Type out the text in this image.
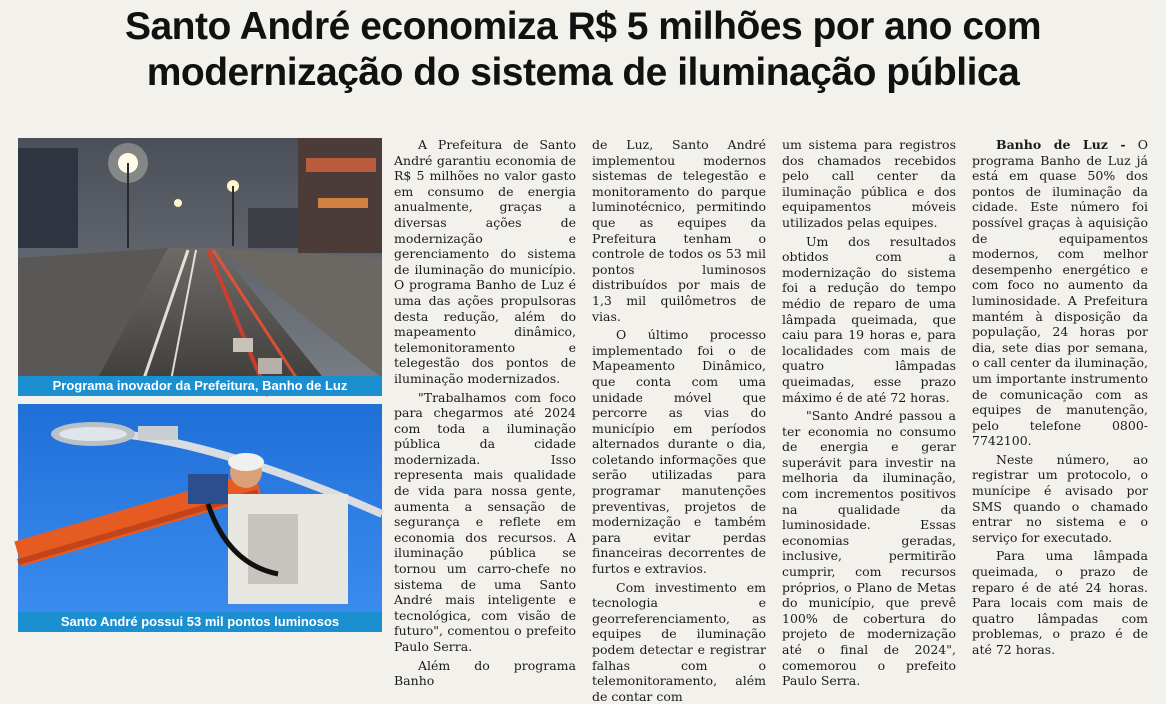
Santo André economiza R$ 5 milhões por ano com
modernização do sistema de iluminação pública
Programa inovador da Prefeitura, Banho de Luz
Santo André possui 53 mil pontos luminosos

A Prefeitura de Santo André garantiu economia de R$ 5 milhões no valor gasto em consumo de energia anualmente, graças a diversas ações de modernização e gerenciamento do sistema de iluminação do município. O programa Banho de Luz é uma das ações propulsoras desta redução, além do mapeamento dinâmico, telemonitoramento e telegestão dos pontos de iluminação modernizados.

"Trabalhamos com foco para chegarmos até 2024 com toda a iluminação pública da cidade modernizada. Isso representa mais qualidade de vida para nossa gente, aumenta a sensação de segurança e reflete em economia dos recursos. A iluminação pública se tornou um carro-chefe no sistema de uma Santo André mais inteligente e tecnológica, com visão de futuro", comentou o prefeito Paulo Serra.

Além do programa Banho

de Luz, Santo André implementou modernos sistemas de telegestão e monitoramento do parque luminotécnico, permitindo que as equipes da Prefeitura tenham o controle de todos os 53 mil pontos luminosos distribuídos por mais de 1,3 mil quilômetros de vias.

O último processo implementado foi o de Mapeamento Dinâmico, que conta com uma unidade móvel que percorre as vias do município em períodos alternados durante o dia, coletando informações que serão utilizadas para programar manutenções preventivas, projetos de modernização e também para evitar perdas financeiras decorrentes de furtos e extravios.

Com investimento em tecnologia e georreferenciamento, as equipes de iluminação podem detectar e registrar falhas com o telemonitoramento, além de contar com

um sistema para registros dos chamados recebidos pelo call center da iluminação pública e dos equipamentos móveis utilizados pelas equipes.

Um dos resultados obtidos com a modernização do sistema foi a redução do tempo médio de reparo de uma lâmpada queimada, que caiu para 19 horas e, para localidades com mais de quatro lâmpadas queimadas, esse prazo máximo é de até 72 horas.

"Santo André passou a ter economia no consumo de energia e gerar superávit para investir na melhoria da iluminação, com incrementos positivos na qualidade da luminosidade. Essas economias geradas, inclusive, permitirão cumprir, com recursos próprios, o Plano de Metas do município, que prevê 100% de cobertura do projeto de modernização até o final de 2024", comemorou o prefeito Paulo Serra.

Banho de Luz - O programa Banho de Luz já está em quase 50% dos pontos de iluminação da cidade. Este número foi possível graças à aquisição de equipamentos modernos, com melhor desempenho energético e com foco no aumento da luminosidade. A Prefeitura mantém à disposição da população, 24 horas por dia, sete dias por semana, o call center da iluminação, um importante instrumento de comunicação com as equipes de manutenção, pelo telefone 0800-7742100.

Neste número, ao registrar um protocolo, o munícipe é avisado por SMS quando o chamado entrar no sistema e o serviço for executado.

Para uma lâmpada queimada, o prazo de reparo é de até 24 horas. Para locais com mais de quatro lâmpadas com problemas, o prazo é de até 72 horas.
